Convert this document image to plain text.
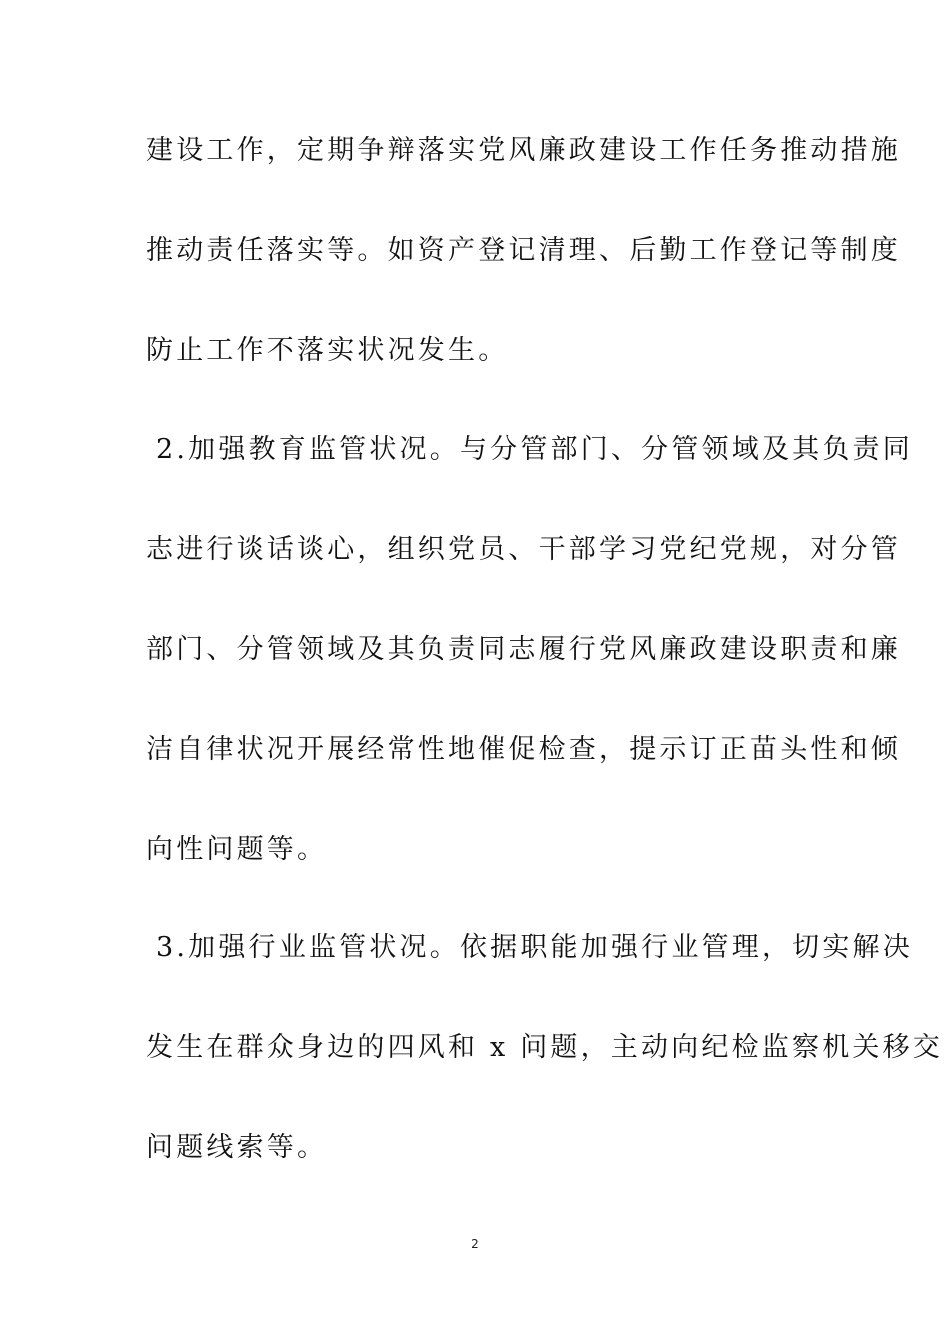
建设工作，定期争辩落实党风廉政建设工作任务推动措施
推动责任落实等。如资产登记清理、后勤工作登记等制度
防止工作不落实状况发生。
2.加强教育监管状况。与分管部门、分管领域及其负责同
志进行谈话谈心，组织党员、干部学习党纪党规，对分管
部门、分管领域及其负责同志履行党风廉政建设职责和廉
洁自律状况开展经常性地催促检查，提示订正苗头性和倾
向性问题等。
3.加强行业监管状况。依据职能加强行业管理，切实解决
发生在群众身边的四风和 x 问题，主动向纪检监察机关移交
问题线索等。
2
